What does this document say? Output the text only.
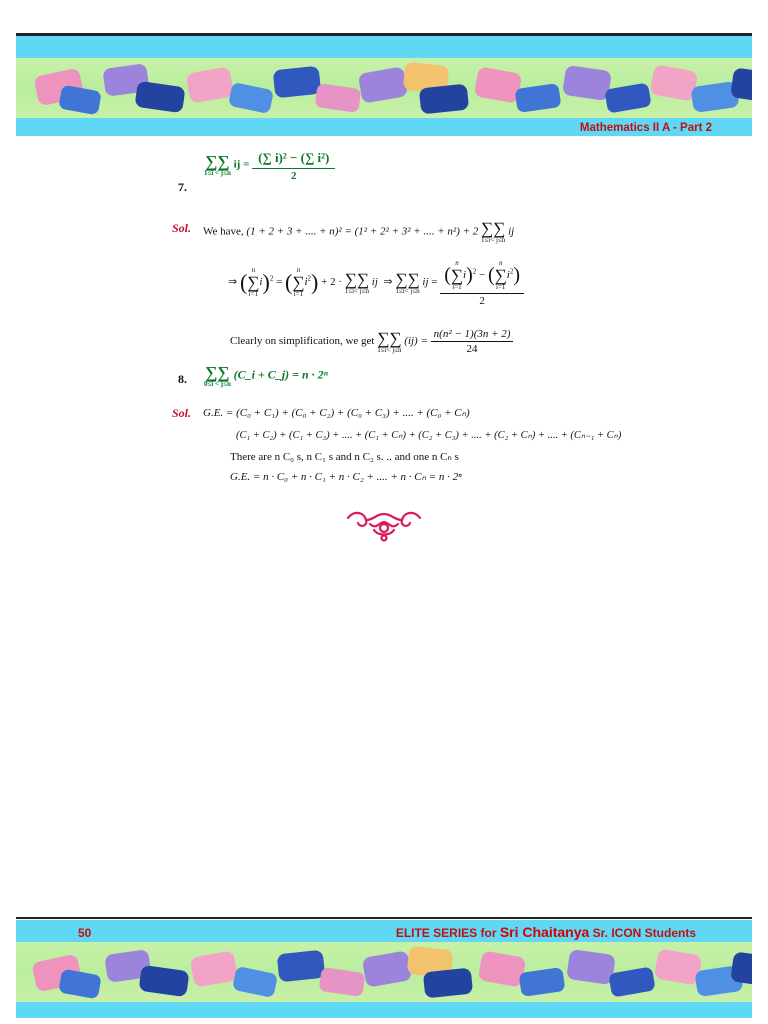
Mathematics II A - Part 2
7.
∑∑
1≤i < j≤n
ij = $\frac{\text{(∑ i)² − (∑ i²)}}{2}$
Sol. We have, (1 + 2 + 3 + .... + n)² = (1² + 2² + 3² + .... + n²) + 2 ∑∑
1≤i< j≤n
ij
⇒ ( n
∑
i=1
i)$^2$ = ( n
∑
i=1
$i^2) + 2$ · ∑∑
1≤i< j≤n
ij ⇒ ∑∑
1≤i< j≤n
ij = (
n
∑
i=1
i)$^2$ − (
n
∑
i=1
$i^2$)
2
Clearly on simplification, we get ∑∑
1≤i< j≤n
$(ij) = \frac{\text{n(n² − 1)(3n + 2)}}{24}$
8. ∑∑
0≤i < j≤n
(C_i + C_j) = n · 2ⁿ
Sol. G.E. = (C₀ + C₁) + (C₀ + C₂) + (C₀ + C₃) + .... + (C₀ + Cₙ)
(C₁ + C₂) + (C₁ + C₃) + .... + (C₁ + Cₙ) + (C₂ + C₃) + .... + (C₂ + Cₙ) + .... + (Cₙ₋₁ + Cₙ)
There are n C₀ s, n C₁ s and n C₂ s. .. and one n Cₙ s
G.E. = n · C₀ + n · C₁ + n · C₂ + .... + n · Cₙ = n · 2ⁿ
50	ELITE SERIES for Sri Chaitanya Sr. ICON Students
